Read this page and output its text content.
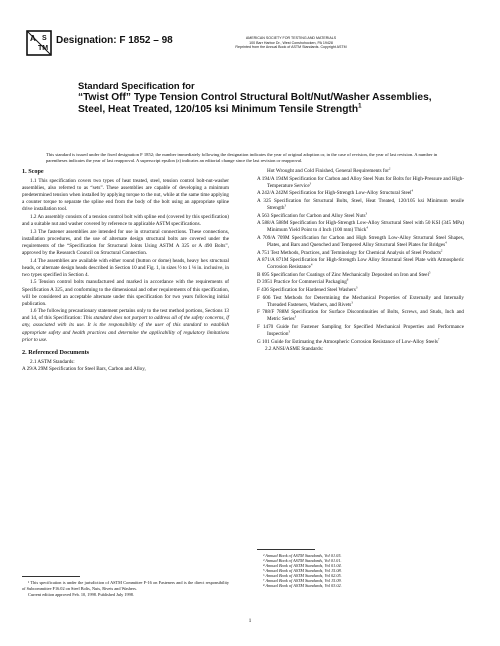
A
TM
S Designation: F 1852 – 98	AMERICAN SOCIETY FOR TESTING AND MATERIALS
100 Barr Harbor Dr., West Conshohocken, PA 19428
Reprinted from the Annual Book of ASTM Standards. Copyright ASTM
Standard Specification for
“Twist Off” Type Tension Control Structural Bolt/Nut/Washer Assemblies, Steel, Heat Treated, 120/105 ksi Minimum Tensile Strength$^1$
This standard is issued under the fixed designation F 1852; the number immediately following the designation indicates the year of original adoption or, in the case of revision, the year of last revision. A number in parentheses indicates the year of last reapproval. A superscript epsilon (ε) indicates an editorial change since the last revision or reapproval.
1. Scope

1.1 This specification covers two types of heat treated, steel, tension control bolt-nut-washer assemblies, also referred to as “sets”. These assemblies are capable of developing a minimum predetermined tension when installed by applying torque to the nut, while at the same time applying a counter torque to separate the spline end from the body of the bolt using an appropriate spline drive installation tool.

1.2 An assembly consists of a tension control bolt with spline end (covered by this specification) and a suitable nut and washer covered by reference to applicable ASTM specifications.

1.3 The fastener assemblies are intended for use in structural connections. These connections, installation procedures, and the use of alternate design structural bolts are covered under the requirements of the “Specification for Structural Joints Using ASTM A 325 or A 490 Bolts”, approved by the Research Council on Structural Connection.

1.4 The assemblies are available with either round (button or dome) heads, heavy hex structural heads, or alternate design heads described in Section 10 and Fig. 1, in sizes ½ to 1 ⅛ in. inclusive, in two types specified in Section 4.

1.5 Tension control bolts manufactured and marked in accordance with the requirements of Specification A 325, and conforming to the dimensional and other requirements of this specification, will be considered an acceptable alternate under this specification for two years following initial publication.

1.6 The following precautionary statement pertains only to the test method portions, Sections 13 and 14, of this Specification: This standard does not purport to address all of the safety concerns, if any, associated with its use. It is the responsibility of the user of this standard to establish appropriate safety and health practices and determine the applicability of regulatory limitations prior to use.

2. Referenced Documents

2.1 ASTM Standards:

A 29/A 29M Specification for Steel Bars, Carbon and Alloy,

Hot Wrought and Cold Finished, General Requirements for$^2$

A 194/A 194M Specification for Carbon and Alloy Steel Nuts for Bolts for High-Pressure and High-Temperature Service$^3$

A 242/A 242M Specification for High-Strength Low-Alloy Structural Steel$^4$

A 325 Specification for Structural Bolts, Steel, Heat Treated, 120/105 ksi Minimum tensile Strength$^3$

A 563 Specification for Carbon and Alloy Steel Nuts$^3$

A 588/A 588M Specification for High-Strength Low-Alloy Structural Steel with 50 KSI (345 MPa) Minimum Yield Point to 4 Inch (100 mm) Thick$^4$

A 709/A 709M Specification for Carbon and High Strength Low-Alloy Structural Steel Shapes, Plates, and Bars and Quenched and Tempered Alloy Structural Steel Plates for Bridges$^4$

A 751 Test Methods, Practices, and Terminology for Chemical Analysis of Steel Products$^2$

A 871/A 871M Specification for High-Strength Low Alloy Structural Steel Plate with Atmospheric Corrosion Resistance$^4$

B 695 Specification for Coatings of Zinc Mechanically Deposited on Iron and Steel$^5$

D 3951 Practice for Commercial Packaging$^6$

F 436 Specification for Hardened Steel Washers$^3$

F 606 Test Methods for Determining the Mechanical Properties of Externally and Internally Threaded Fasteners, Washers, and Rivets$^3$

F 788/F 788M Specification for Surface Discontinuities of Bolts, Screws, and Studs, Inch and Metric Series$^3$

F 1470 Guide for Fastener Sampling for Specified Mechanical Properties and Performance Inspection$^3$

G 101 Guide for Estimating the Atmospheric Corrosion Resistance of Low-Alloy Steels$^7$

2.2 ANSI/ASME Standards:

¹ This specification is under the jurisdiction of ASTM Committee F-16 on Fasteners and is the direct responsibility of Subcommittee F16.02 on Steel Bolts, Nuts, Rivets and Washers.

Current edition approved Feb. 10, 1998. Published July 1998.

² Annual Book of ASTM Standards, Vol 01.05.
³ Annual Book of ASTM Standards, Vol 01.01.
⁴ Annual Book of ASTM Standards, Vol 01.04.
⁵ Annual Book of ASTM Standards, Vol 15.08.
⁶ Annual Book of ASTM Standards, Vol 02.05.
⁷ Annual Book of ASTM Standards, Vol 15.09.
⁸ Annual Book of ASTM Standards, Vol 03.02.
1
